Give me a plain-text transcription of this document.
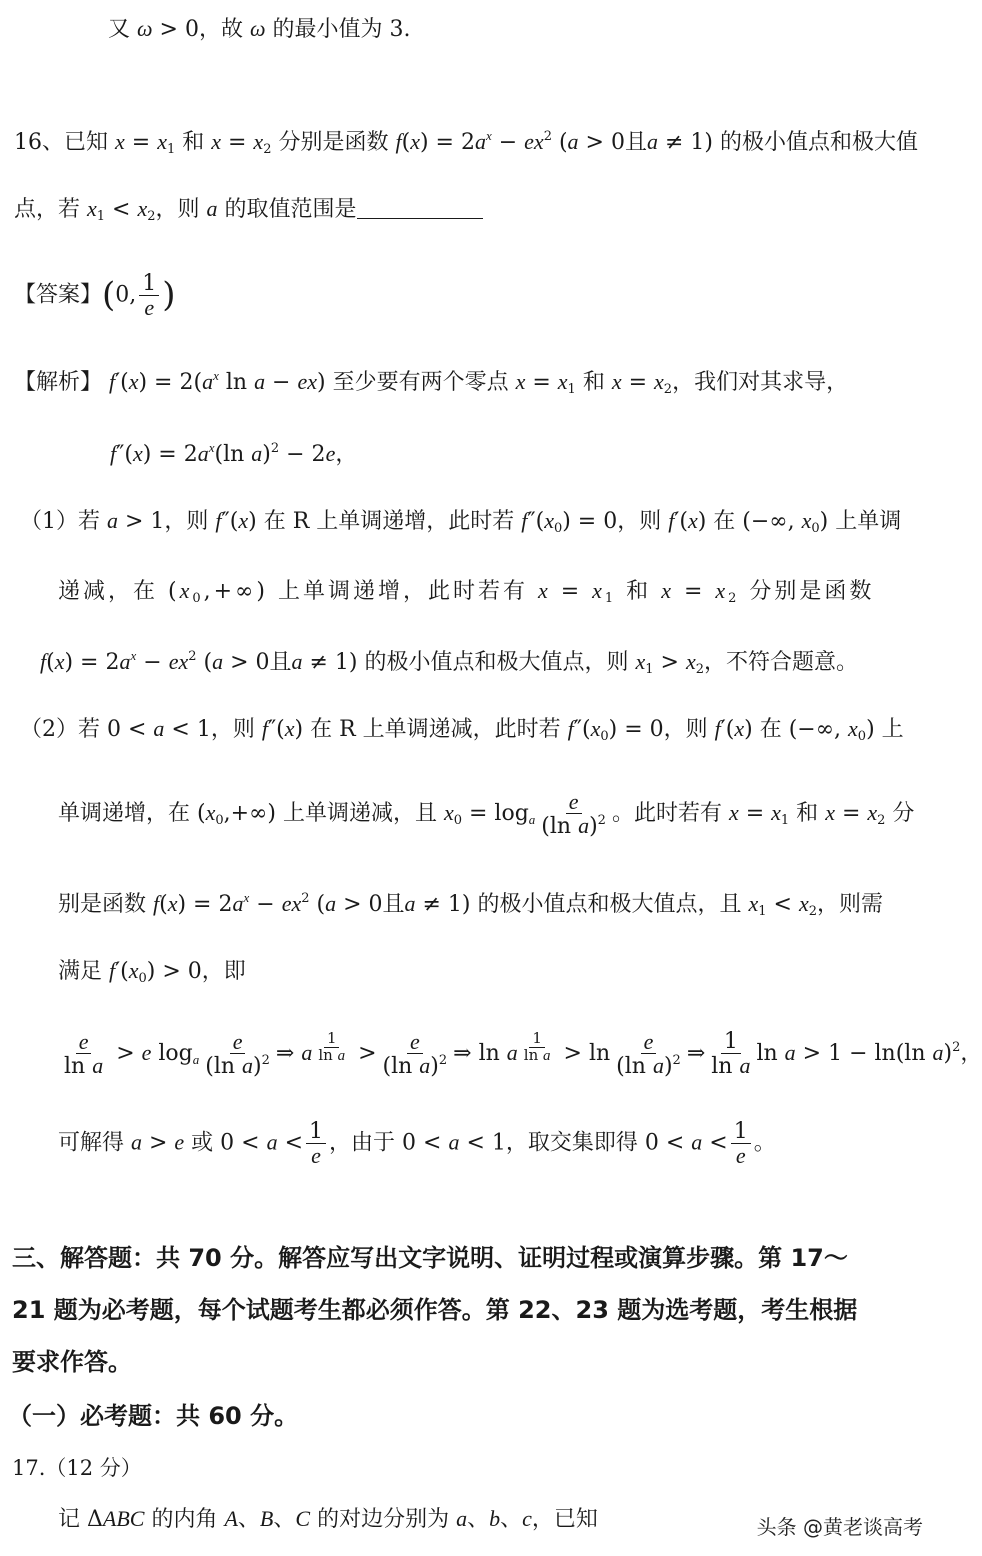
又 ω > 0，故 ω 的最小值为 3.
16、已知 $x = x_1$ 和 $x = x_2$ 分别是函数 $f(x) = 2a^x - ex^2$ (a > 0且a ≠ 1) 的极小值点和极大值
点，若 $x_1 < x_2$，则 a 的取值范围是
【答案】(0, $\frac{1}{e}$ )
【解析】 $f'(x) = 2(a^x$ ln a − ex) 至少要有两个零点 $x = x_1$ 和 $x = x_2$，我们对其求导，
$f''(x) = 2a^x(\ln$ a)$^2$ − 2e，
（1）若 a > 1，则 f″(x) 在 R 上单调递增，此时若 $f''(x_0) = 0$，则 f′(x) 在 (−∞, $x_0$) 上单调
递减，在 $(x_0,+\infty)$ 上单调递增，此时若有 $x = x_1$ 和 $x = x_2$ 分别是函数
$f(x) = 2a^x - ex^2$ (a > 0且a ≠ 1) 的极小值点和极大值点，则 $x_1 > x_2$，不符合题意。
（2）若 0 < a < 1，则 f″(x) 在 R 上单调递减，此时若 $f''(x_0) = 0$，则 f′(x) 在 (−∞, $x_0$) 上
单调递增，在 $(x_0,+\infty)$ 上单调递减，且 $x_0 = \log_a \frac{e}{(\ln a)^2}$ 。此时若有 $x = x_1$ 和 $x = x_2$ 分
别是函数 $f(x) = 2a^x - ex^2$ (a > 0且a ≠ 1) 的极小值点和极大值点，且 $x_1 < x_2$，则需
满足 $f'(x_0) > 0$，即
$\frac{e}{\text{ln a}} > e$ $\log_a \frac{e}{(\ln a)^2}$ ⇒ a $^{\frac{1}{\text{ln a}}} > \frac{e}{(\ln a)^2}$ ⇒ ln a $^{\frac{1}{\text{ln a}}} > \ln \frac{e}{(\ln a)^2}$ ⇒ $\frac{1}{\text{ln a}}$ ln a > 1 − ln(ln a)$^2$，
可解得 a > e 或 $0 < a < \frac{1}{e}$ ，由于 0 < a < 1，取交集即得 $0 < a < \frac{1}{e}$ 。
三、解答题：共 70 分。解答应写出文字说明、证明过程或演算步骤。第 17～
21 题为必考题，每个试题考生都必须作答。第 22、23 题为选考题，考生根据
要求作答。
（一）必考题：共 60 分。
17.（12 分）
记 ΔABC 的内角 A、B、C 的对边分别为 a、b、c，已知	头条 @黄老谈高考
